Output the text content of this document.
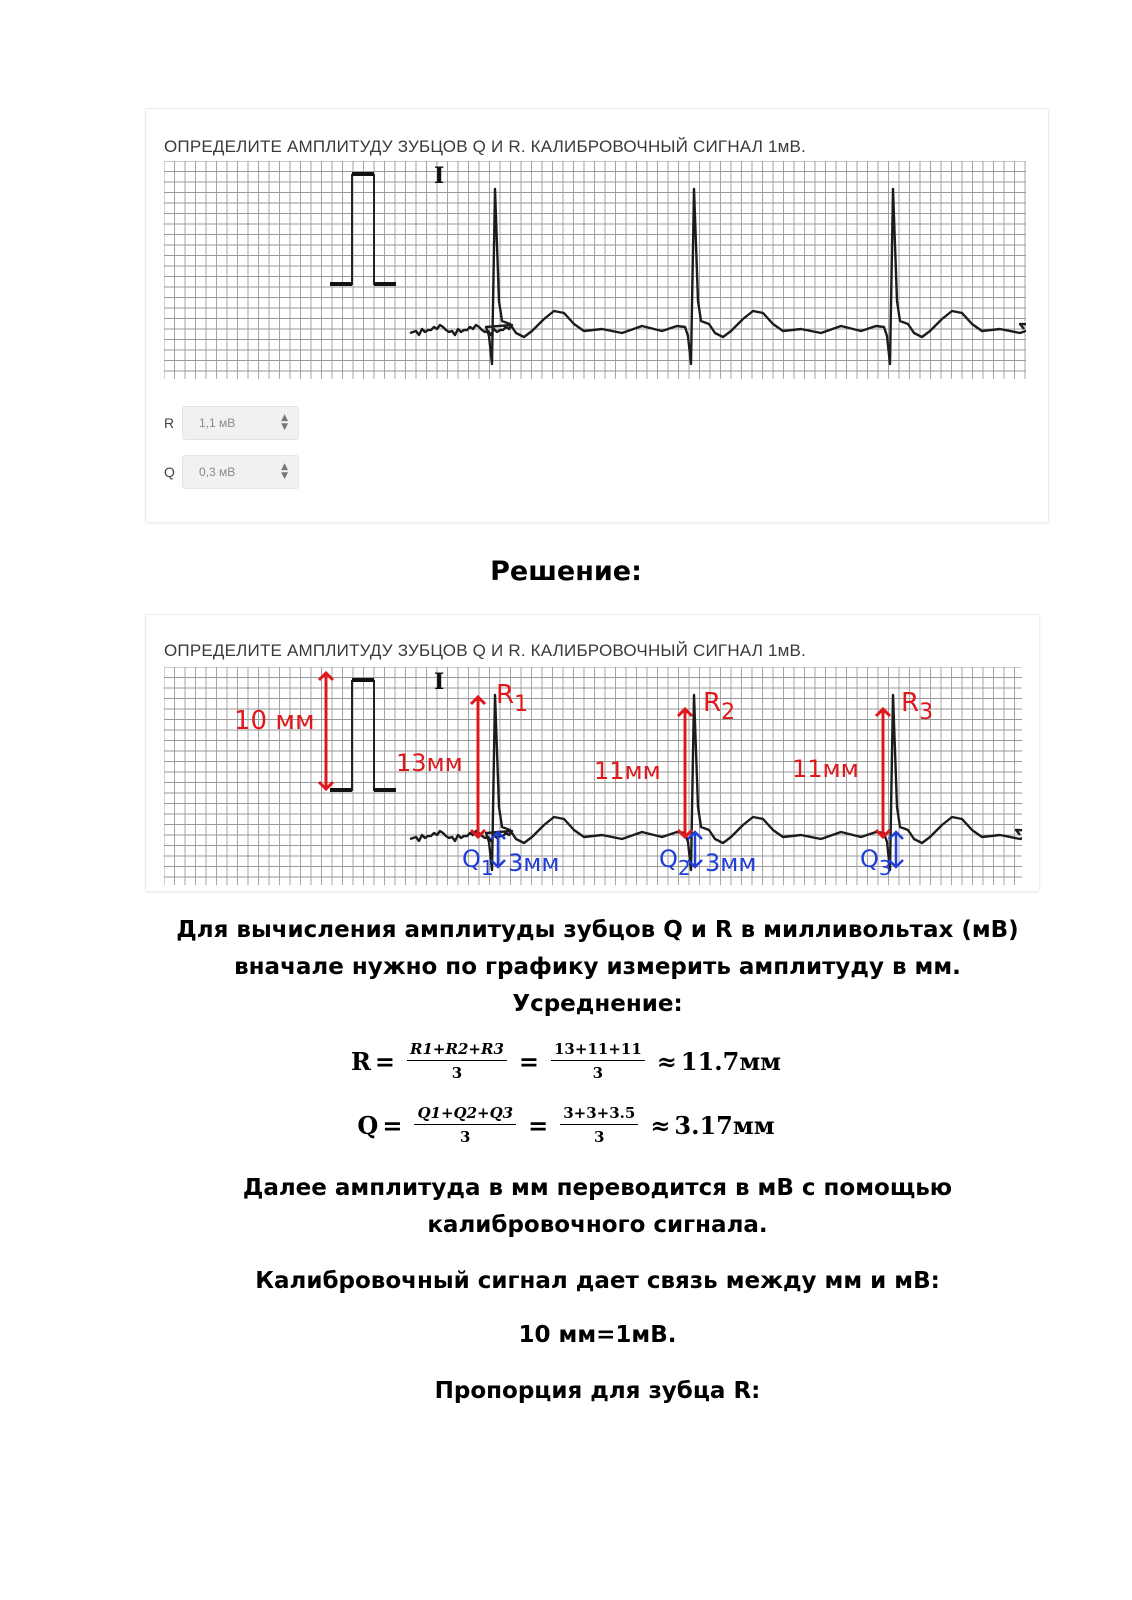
ОПРЕДЕЛИТЕ АМПЛИТУДУ ЗУБЦОВ Q И R. КАЛИБРОВОЧНЫЙ СИГНАЛ 1мВ.
I
R	1,1 мВ	▲
▼
Q	0,3 мВ	▲
▼
Решение:
ОПРЕДЕЛИТЕ АМПЛИТУДУ ЗУБЦОВ Q И R. КАЛИБРОВОЧНЫЙ СИГНАЛ 1мВ.
I
10 мм
$R_1$
13мм
$R_2$
11мм
$R_3$
11мм
$Q_1$ 3мм	$Q_2$ 3мм	$Q_3$
Для вычисления амплитуды зубцов Q и R в милливольтах (мВ) вначале нужно по графику измерить амплитуду в мм. Усреднение:
$R = \frac{R1+R2+R3}{3} = \frac{13+11+11}{3} \approx 11.7мм$
$Q = \frac{Q1+Q2+Q3}{3} = \frac{3+3+3.5}{3} \approx 3.17мм$
Далее амплитуда в мм переводится в мВ с помощью калибровочного сигнала.
Калибровочный сигнал дает связь между мм и мВ:
10 мм=1мВ.
Пропорция для зубца R:
